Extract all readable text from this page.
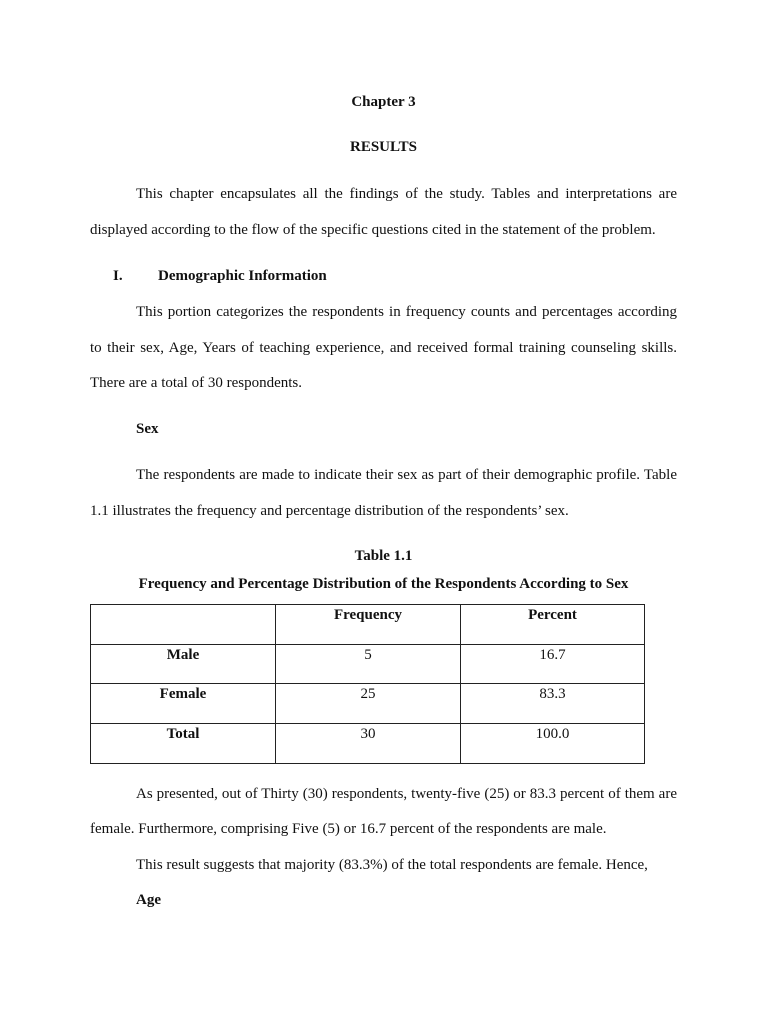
Chapter 3
RESULTS
This chapter encapsulates all the findings of the study. Tables and interpretations are
displayed according to the flow of the specific questions cited in the statement of the problem.
I. Demographic Information
This portion categorizes the respondents in frequency counts and percentages according
to their sex, Age, Years of teaching experience, and received formal training counseling skills.
There are a total of 30 respondents.
Sex
The respondents are made to indicate their sex as part of their demographic profile. Table
1.1 illustrates the frequency and percentage distribution of the respondents’ sex.
Table 1.1
Frequency and Percentage Distribution of the Respondents According to Sex
	Frequency	Percent
Male	5	16.7
Female	25	83.3
Total	30	100.0
As presented, out of Thirty (30) respondents, twenty-five (25) or 83.3 percent of them are
female. Furthermore, comprising Five (5) or 16.7 percent of the respondents are male.
This result suggests that majority (83.3%) of the total respondents are female. Hence,
Age
